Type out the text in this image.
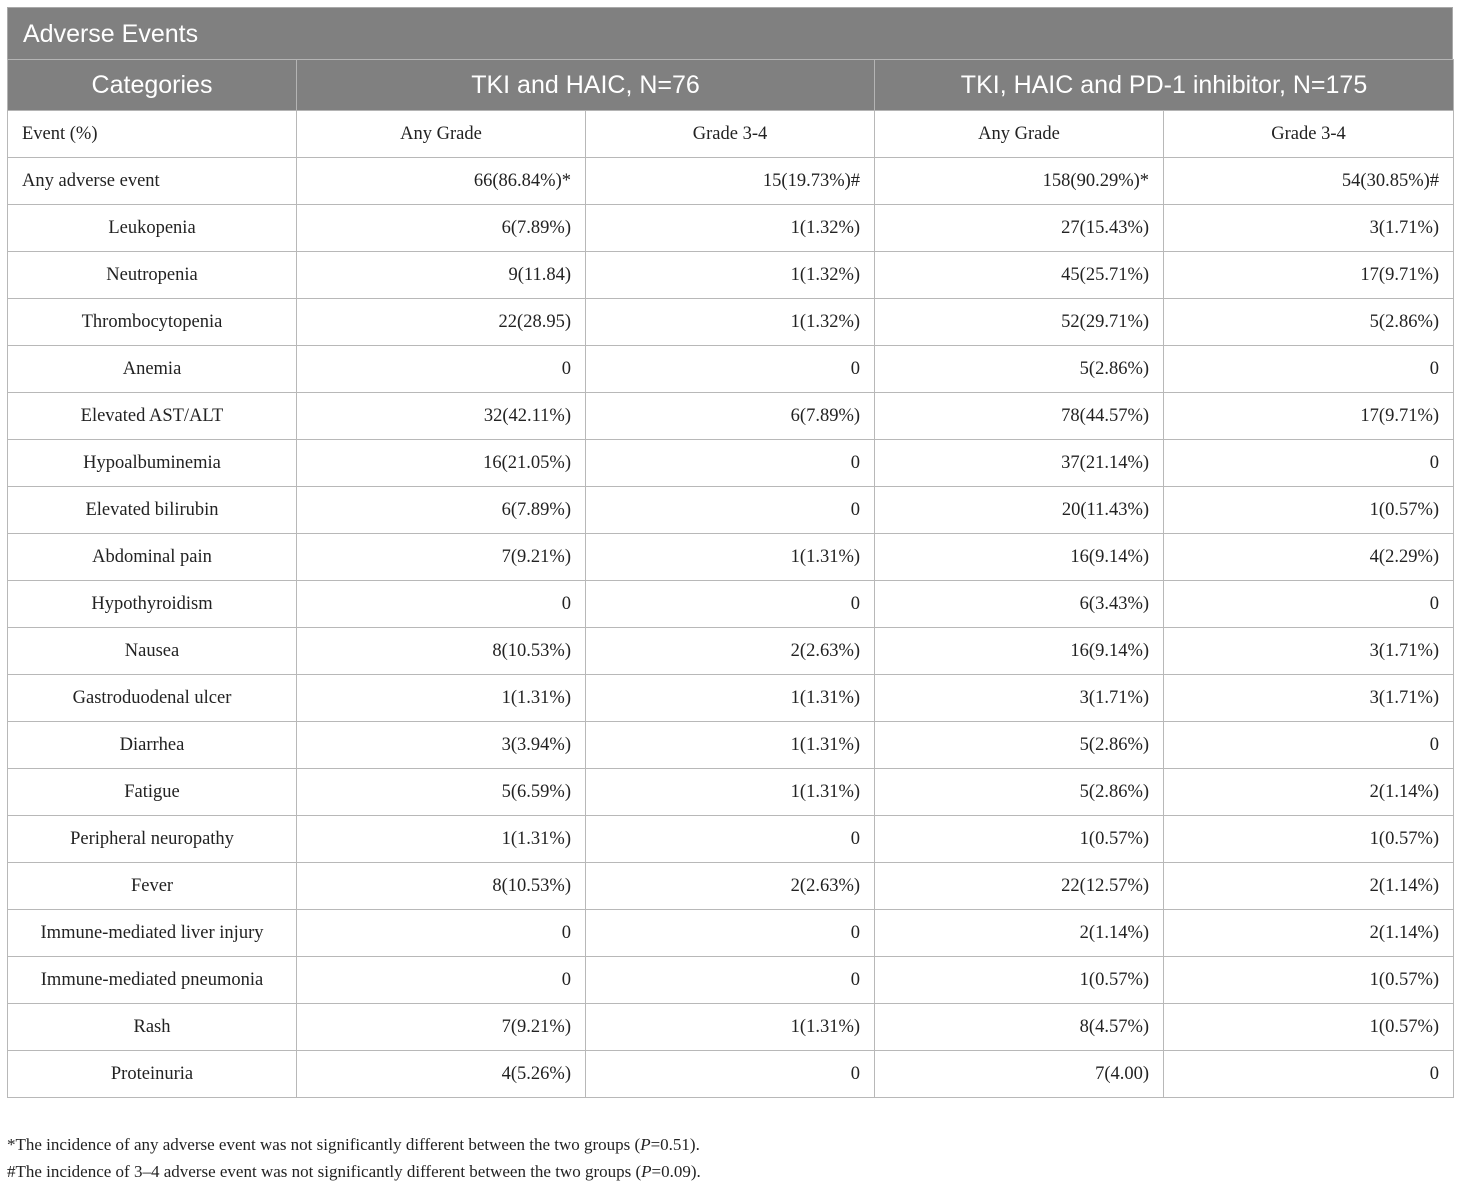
Adverse Events
Categories	TKI and HAIC, N=76		TKI, HAIC and PD-1 inhibitor, N=175	
Event (%)	Any Grade	Grade 3-4	Any Grade	Grade 3-4
Any adverse event	66(86.84%)*	15(19.73%)#	158(90.29%)*	54(30.85%)#
Leukopenia	6(7.89%)	1(1.32%)	27(15.43%)	3(1.71%)
Neutropenia	9(11.84)	1(1.32%)	45(25.71%)	17(9.71%)
Thrombocytopenia	22(28.95)	1(1.32%)	52(29.71%)	5(2.86%)
Anemia	0	0	5(2.86%)	0
Elevated AST/ALT	32(42.11%)	6(7.89%)	78(44.57%)	17(9.71%)
Hypoalbuminemia	16(21.05%)	0	37(21.14%)	0
Elevated bilirubin	6(7.89%)	0	20(11.43%)	1(0.57%)
Abdominal pain	7(9.21%)	1(1.31%)	16(9.14%)	4(2.29%)
Hypothyroidism	0	0	6(3.43%)	0
Nausea	8(10.53%)	2(2.63%)	16(9.14%)	3(1.71%)
Gastroduodenal ulcer	1(1.31%)	1(1.31%)	3(1.71%)	3(1.71%)
Diarrhea	3(3.94%)	1(1.31%)	5(2.86%)	0
Fatigue	5(6.59%)	1(1.31%)	5(2.86%)	2(1.14%)
Peripheral neuropathy	1(1.31%)	0	1(0.57%)	1(0.57%)
Fever	8(10.53%)	2(2.63%)	22(12.57%)	2(1.14%)
Immune-mediated liver injury	0	0	2(1.14%)	2(1.14%)
Immune-mediated pneumonia	0	0	1(0.57%)	1(0.57%)
Rash	7(9.21%)	1(1.31%)	8(4.57%)	1(0.57%)
Proteinuria	4(5.26%)	0	7(4.00)	0
*The incidence of any adverse event was not significantly different between the two groups (P=0.51).
#The incidence of 3–4 adverse event was not significantly different between the two groups (P=0.09).
